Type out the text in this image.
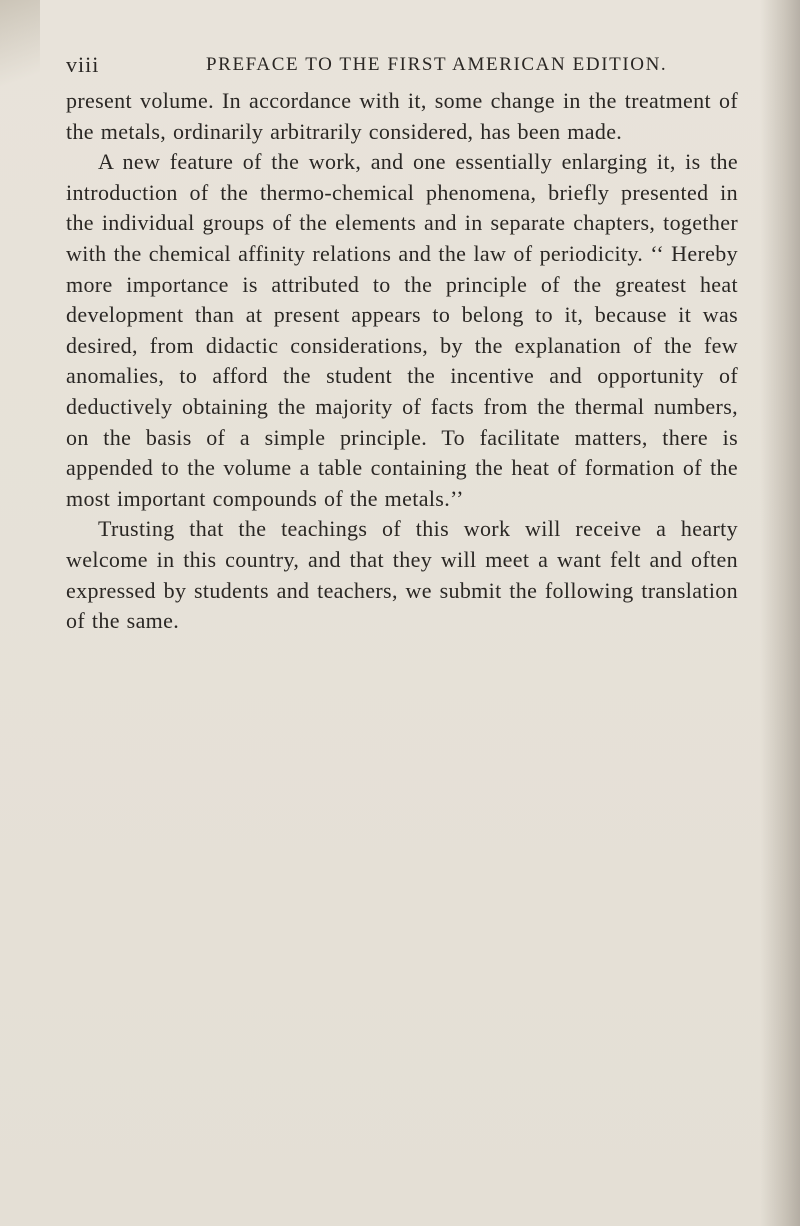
viii	PREFACE TO THE FIRST AMERICAN EDITION.

present volume. In accordance with it, some change in the treatment of the metals, ordinarily arbitrarily considered, has been made.

A new feature of the work, and one essentially enlarging it, is the introduction of the thermo-chemical phenomena, briefly presented in the individual groups of the elements and in separate chapters, together with the chemical affinity relations and the law of periodicity. ‘‘ Hereby more importance is attributed to the principle of the greatest heat development than at present appears to belong to it, because it was desired, from didactic considerations, by the explanation of the few anomalies, to afford the student the incentive and opportunity of deductively obtaining the majority of facts from the thermal numbers, on the basis of a simple principle. To facilitate matters, there is appended to the volume a table containing the heat of formation of the most important compounds of the metals.’’

Trusting that the teachings of this work will receive a hearty welcome in this country, and that they will meet a want felt and often expressed by students and teachers, we submit the following translation of the same.
